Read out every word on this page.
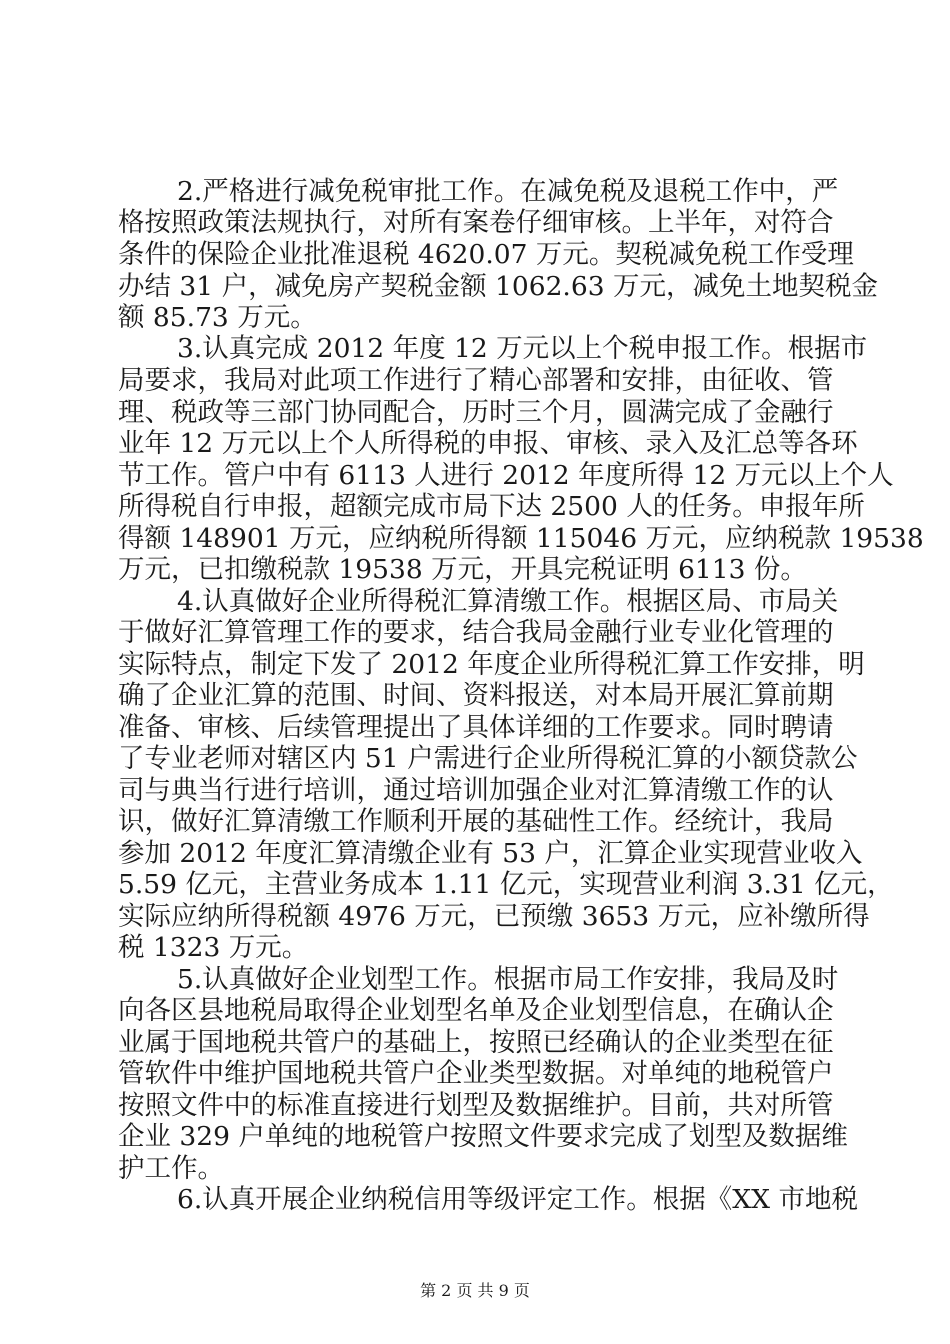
2.严格进行减免税审批工作。在减免税及退税工作中，严
格按照政策法规执行，对所有案卷仔细审核。上半年，对符合
条件的保险企业批准退税 4620.07 万元。契税减免税工作受理
办结 31 户，减免房产契税金额 1062.63 万元，减免土地契税金
额 85.73 万元。
3.认真完成 2012 年度 12 万元以上个税申报工作。根据市
局要求，我局对此项工作进行了精心部署和安排，由征收、管
理、税政等三部门协同配合，历时三个月，圆满完成了金融行
业年 12 万元以上个人所得税的申报、审核、录入及汇总等各环
节工作。管户中有 6113 人进行 2012 年度所得 12 万元以上个人
所得税自行申报，超额完成市局下达 2500 人的任务。申报年所
得额 148901 万元，应纳税所得额 115046 万元，应纳税款 19538
万元，已扣缴税款 19538 万元，开具完税证明 6113 份。
4.认真做好企业所得税汇算清缴工作。根据区局、市局关
于做好汇算管理工作的要求，结合我局金融行业专业化管理的
实际特点，制定下发了 2012 年度企业所得税汇算工作安排，明
确了企业汇算的范围、时间、资料报送，对本局开展汇算前期
准备、审核、后续管理提出了具体详细的工作要求。同时聘请
了专业老师对辖区内 51 户需进行企业所得税汇算的小额贷款公
司与典当行进行培训，通过培训加强企业对汇算清缴工作的认
识，做好汇算清缴工作顺利开展的基础性工作。经统计，我局
参加 2012 年度汇算清缴企业有 53 户，汇算企业实现营业收入
5.59 亿元，主营业务成本 1.11 亿元，实现营业利润 3.31 亿元，
实际应纳所得税额 4976 万元，已预缴 3653 万元，应补缴所得
税 1323 万元。
5.认真做好企业划型工作。根据市局工作安排，我局及时
向各区县地税局取得企业划型名单及企业划型信息，在确认企
业属于国地税共管户的基础上，按照已经确认的企业类型在征
管软件中维护国地税共管户企业类型数据。对单纯的地税管户
按照文件中的标准直接进行划型及数据维护。目前，共对所管
企业 329 户单纯的地税管户按照文件要求完成了划型及数据维
护工作。
6.认真开展企业纳税信用等级评定工作。根据《XX 市地税
第 2 页 共 9 页
